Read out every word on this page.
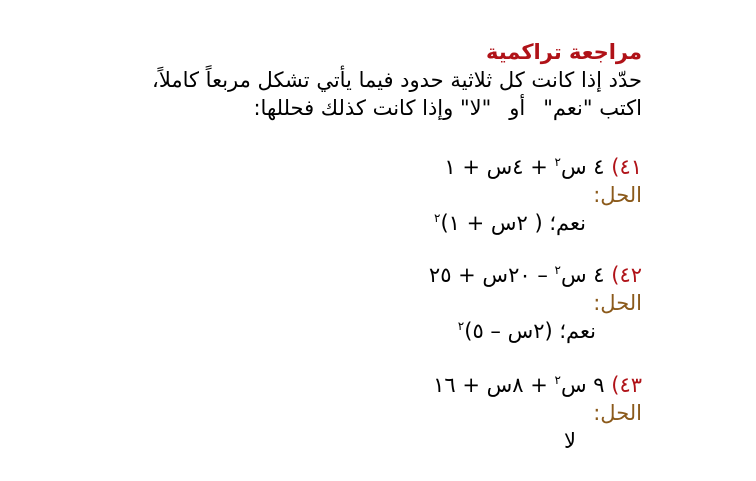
مراجعة تراكمية
حدّد إذا كانت كل ثلاثية حدود فيما يأتي تشكل مربعاً كاملاً،
اكتب "نعم"أو"لا" وإذا كانت كذلك فحللها:
٤١) ٤ س$^٢$ + ٤س + ١
الحل:
نعم؛ ( ٢س + ١)$^٢$
٤٢) ٤ س$^٢$ – ٢٠س + ٢٥
الحل:
نعم؛ (٢س – ٥)$^٢$
٤٣) ٩ س$^٢$ + ٨س + ١٦
الحل:
لا
